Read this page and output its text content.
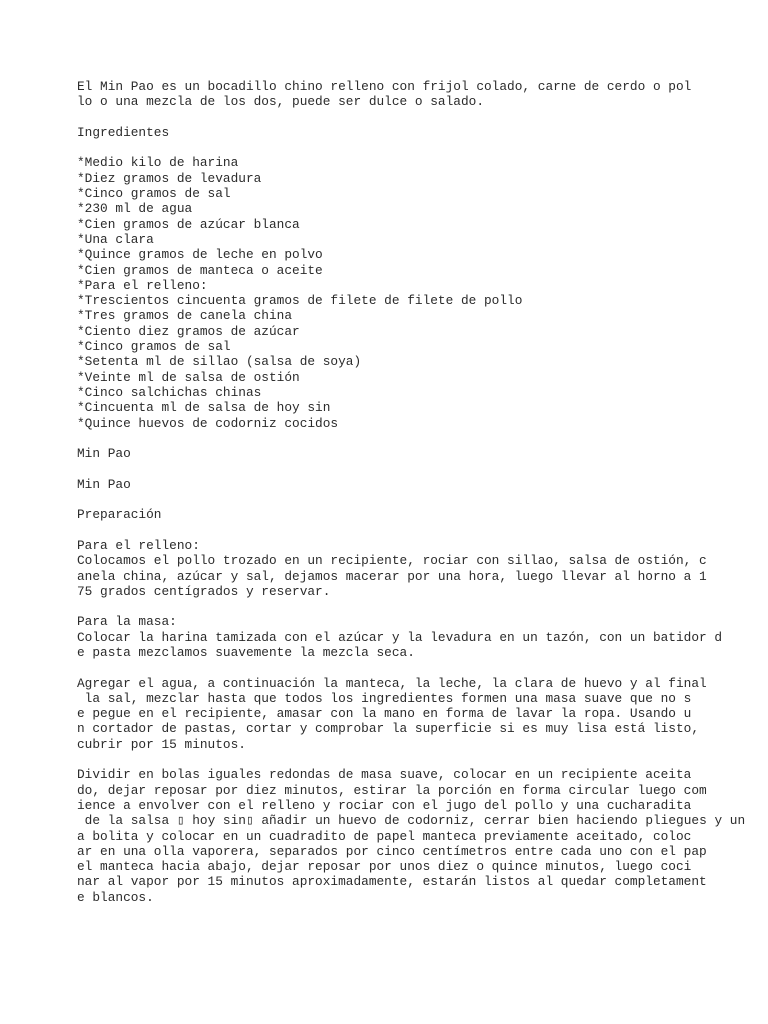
El Min Pao es un bocadillo chino relleno con frijol colado, carne de cerdo o pol
lo o una mezcla de los dos, puede ser dulce o salado.
Ingredientes
*Medio kilo de harina
*Diez gramos de levadura
*Cinco gramos de sal
*230 ml de agua
*Cien gramos de azúcar blanca
*Una clara
*Quince gramos de leche en polvo
*Cien gramos de manteca o aceite
*Para el relleno:
*Trescientos cincuenta gramos de filete de filete de pollo
*Tres gramos de canela china
*Ciento diez gramos de azúcar
*Cinco gramos de sal
*Setenta ml de sillao (salsa de soya)
*Veinte ml de salsa de ostión
*Cinco salchichas chinas
*Cincuenta ml de salsa de hoy sin
*Quince huevos de codorniz cocidos
Min Pao
Min Pao
Preparación
Para el relleno:
Colocamos el pollo trozado en un recipiente, rociar con sillao, salsa de ostión, c
anela china, azúcar y sal, dejamos macerar por una hora, luego llevar al horno a 1
75 grados centígrados y reservar.
Para la masa:
Colocar la harina tamizada con el azúcar y la levadura en un tazón, con un batidor d
e pasta mezclamos suavemente la mezcla seca.
Agregar el agua, a continuación la manteca, la leche, la clara de huevo y al final
la sal, mezclar hasta que todos los ingredientes formen una masa suave que no s
e pegue en el recipiente, amasar con la mano en forma de lavar la ropa. Usando u
n cortador de pastas, cortar y comprobar la superficie si es muy lisa está listo,
cubrir por 15 minutos.
Dividir en bolas iguales redondas de masa suave, colocar en un recipiente aceita
do, dejar reposar por diez minutos, estirar la porción en forma circular luego com
ience a envolver con el relleno y rociar con el jugo del pollo y una cucharadita
de la salsa ▯ hoy sin▯ añadir un huevo de codorniz, cerrar bien haciendo pliegues y un
a bolita y colocar en un cuadradito de papel manteca previamente aceitado, coloc
ar en una olla vaporera, separados por cinco centímetros entre cada uno con el pap
el manteca hacia abajo, dejar reposar por unos diez o quince minutos, luego coci
nar al vapor por 15 minutos aproximadamente, estarán listos al quedar completament
e blancos.
